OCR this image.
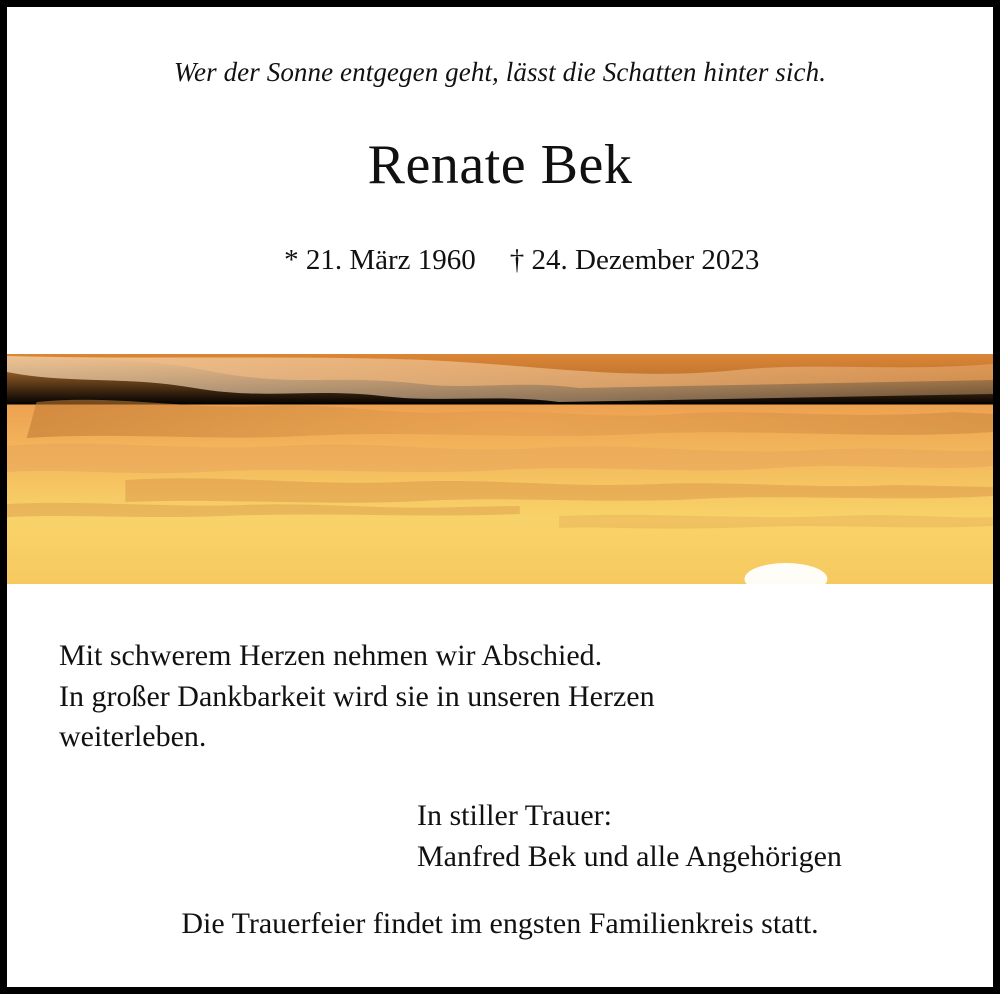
Wer der Sonne entgegen geht, lässt die Schatten hinter sich.
Renate Bek

* 21. März 1960 † 24. Dezember 2023

Mit schwerem Herzen nehmen wir Abschied.
In großer Dankbarkeit wird sie in unseren Herzen
weiterleben.
In stiller Trauer:
Manfred Bek und alle Angehörigen
Die Trauerfeier findet im engsten Familienkreis statt.
